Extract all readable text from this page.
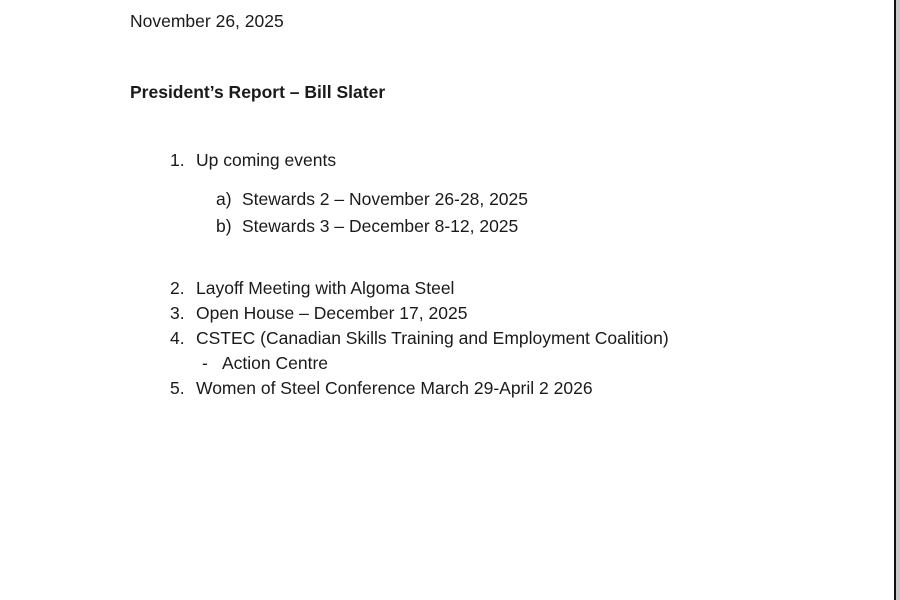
November 26, 2025
President’s Report – Bill Slater
1. Up coming events
a) Stewards 2 – November 26-28, 2025
b) Stewards 3 – December 8-12, 2025
2. Layoff Meeting with Algoma Steel
3. Open House – December 17, 2025
4. CSTEC (Canadian Skills Training and Employment Coalition)
- Action Centre
5. Women of Steel Conference March 29-April 2 2026
